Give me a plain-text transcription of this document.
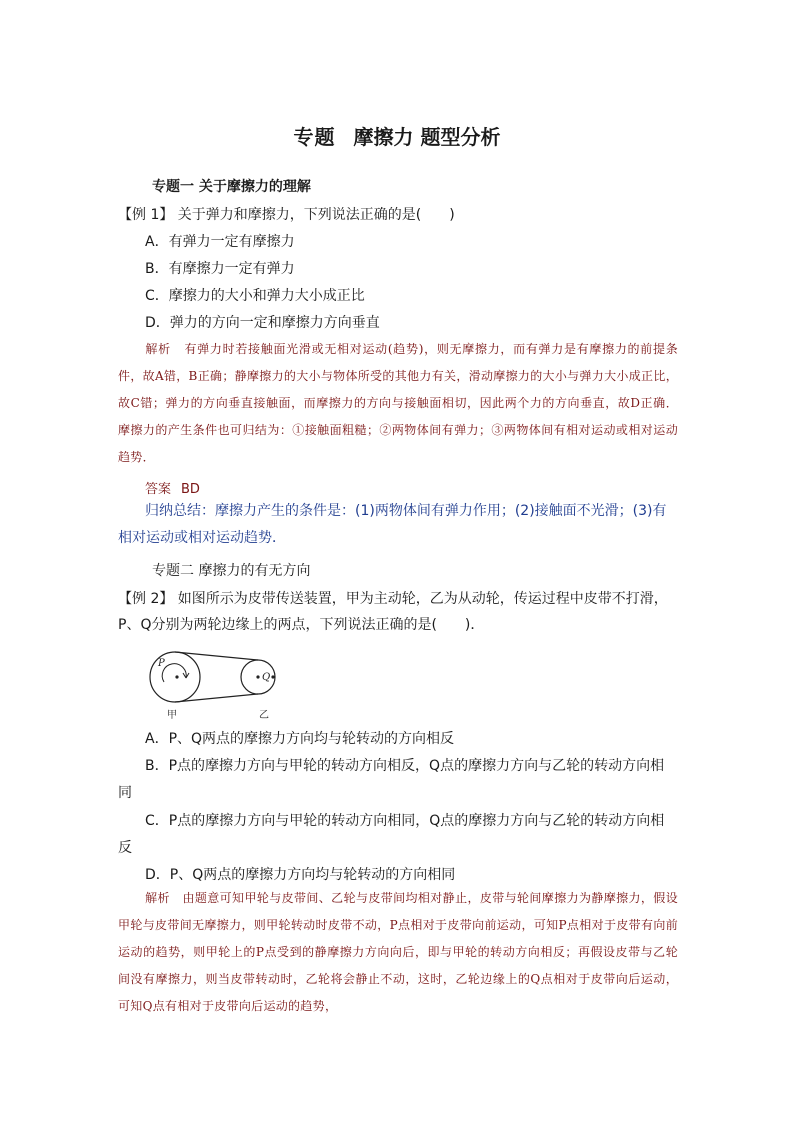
专题 摩擦力 题型分析
专题一 关于摩擦力的理解
【例 1】 关于弹力和摩擦力，下列说法正确的是(　　)
A．有弹力一定有摩擦力
B．有摩擦力一定有弹力
C．摩擦力的大小和弹力大小成正比
D．弹力的方向一定和摩擦力方向垂直
解析 有弹力时若接触面光滑或无相对运动(趋势)，则无摩擦力，而有弹力是有摩擦力的前提条件，故A错，B正确；静摩擦力的大小与物体所受的其他力有关，滑动摩擦力的大小与弹力大小成正比，故C错；弹力的方向垂直接触面，而摩擦力的方向与接触面相切，因此两个力的方向垂直，故D正确．摩擦力的产生条件也可归结为：①接触面粗糙；②两物体间有弹力；③两物体间有相对运动或相对运动趋势．
答案 BD
归纳总结：摩擦力产生的条件是：(1)两物体间有弹力作用；(2)接触面不光滑；(3)有相对运动或相对运动趋势．
专题二 摩擦力的有无方向
【例 2】 如图所示为皮带传送装置，甲为主动轮，乙为从动轮，传运过程中皮带不打滑，
P、Q分别为两轮边缘上的两点，下列说法正确的是(　　)．
P
Q
甲	乙
A．P、Q两点的摩擦力方向均与轮转动的方向相反
B．P点的摩擦力方向与甲轮的转动方向相反，Q点的摩擦力方向与乙轮的转动方向相
同
C．P点的摩擦力方向与甲轮的转动方向相同，Q点的摩擦力方向与乙轮的转动方向相
反
D．P、Q两点的摩擦力方向均与轮转动的方向相同
解析 由题意可知甲轮与皮带间、乙轮与皮带间均相对静止，皮带与轮间摩擦力为静摩擦力，假设甲轮与皮带间无摩擦力，则甲轮转动时皮带不动，P点相对于皮带向前运动，可知P点相对于皮带有向前运动的趋势，则甲轮上的P点受到的静摩擦力方向向后，即与甲轮的转动方向相反；再假设皮带与乙轮间没有摩擦力，则当皮带转动时，乙轮将会静止不动，这时，乙轮边缘上的Q点相对于皮带向后运动，可知Q点有相对于皮带向后运动的趋势，
